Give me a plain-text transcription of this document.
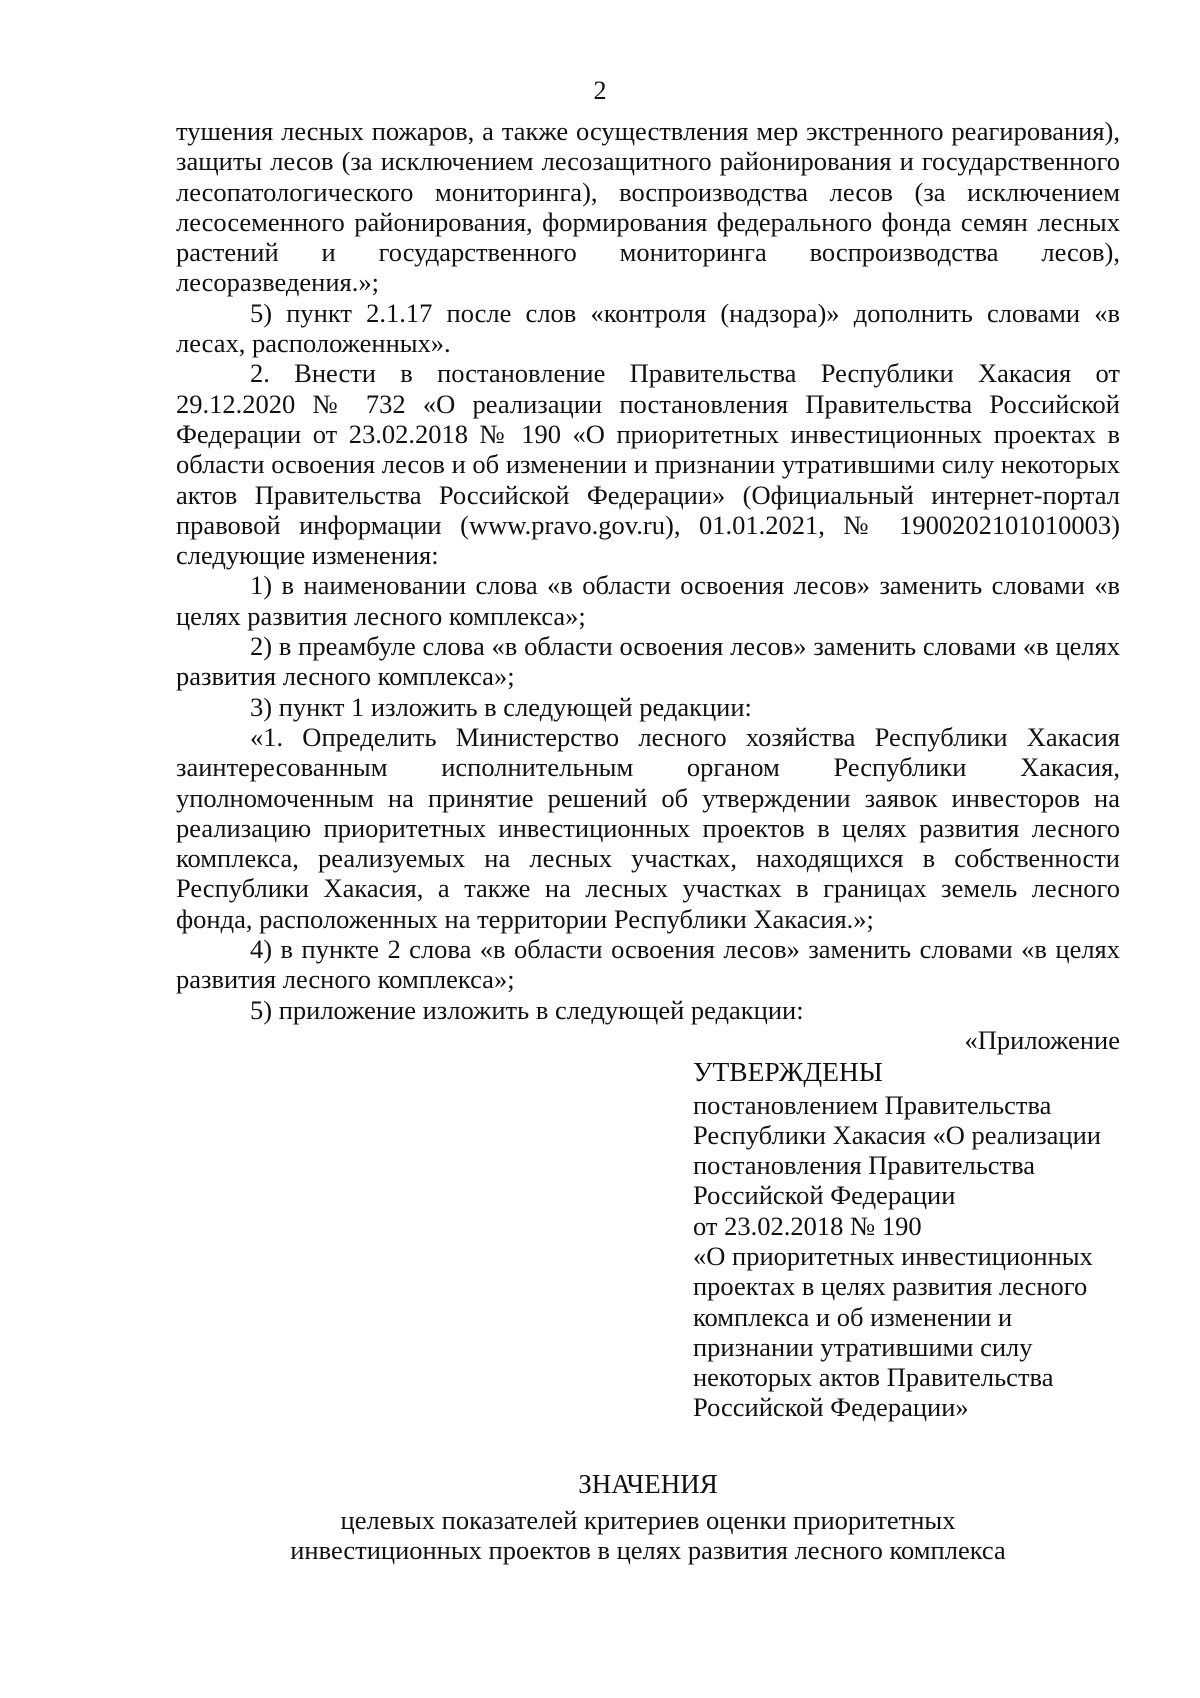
2

тушения лесных пожаров, а также осуществления мер экстренного реагирования), защиты лесов (за исключением лесозащитного районирования и государственного лесопатологического мониторинга), воспроизводства лесов (за исключением лесосеменного районирования, формирования федерального фонда семян лесных растений и государственного мониторинга воспроизводства лесов), лесоразведения.»;

5) пункт 2.1.17 после слов «контроля (надзора)» дополнить словами «в лесах, расположенных».

2. Внести в постановление Правительства Республики Хакасия от 29.12.2020 № 732 «О реализации постановления Правительства Российской Федерации от 23.02.2018 № 190 «О приоритетных инвестиционных проектах в области освоения лесов и об изменении и признании утратившими силу некоторых актов Правительства Российской Федерации» (Официальный интернет-портал правовой информации (www.pravo.gov.ru), 01.01.2021, № 1900202101010003) следующие изменения:

1) в наименовании слова «в области освоения лесов» заменить словами «в целях развития лесного комплекса»;

2) в преамбуле слова «в области освоения лесов» заменить словами «в целях развития лесного комплекса»;

3) пункт 1 изложить в следующей редакции:

«1. Определить Министерство лесного хозяйства Республики Хакасия заинтересованным исполнительным органом Республики Хакасия, уполномоченным на принятие решений об утверждении заявок инвесторов на реализацию приоритетных инвестиционных проектов в целях развития лесного комплекса, реализуемых на лесных участках, находящихся в собственности Республики Хакасия, а также на лесных участках в границах земель лесного фонда, расположенных на территории Республики Хакасия.»;

4) в пункте 2 слова «в области освоения лесов» заменить словами «в целях развития лесного комплекса»;

5) приложение изложить в следующей редакции:

«Приложение

УТВЕРЖДЕНЫ

постановлением Правительства

Республики Хакасия «О реализации

постановления Правительства

Российской Федерации

от 23.02.2018 № 190

«О приоритетных инвестиционных

проектах в целях развития лесного

комплекса и об изменении и

признании утратившими силу

некоторых актов Правительства

Российской Федерации»

ЗНАЧЕНИЯ

целевых показателей критериев оценки приоритетных

инвестиционных проектов в целях развития лесного комплекса
